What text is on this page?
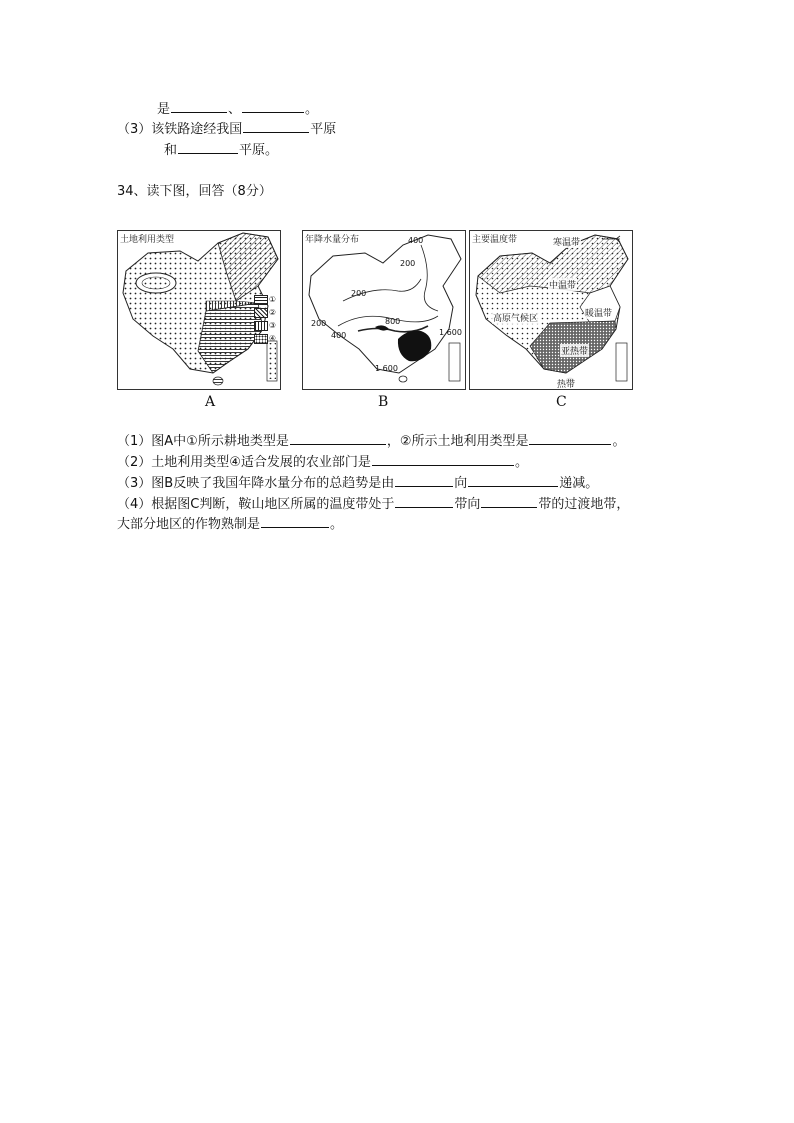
是	、	。
（3）该铁路途经我国	平原
和	平原。
34、读下图，回答（8分）
土地利用类型
①
②
③
④
A
年降水量分布	400
200
200
800
1 600
1 600
200
400
B
主要温度带	寒温带
中温带
暖温带
高原气候区
亚热带
热带
C
（1）图A中①所示耕地类型是	，②所示土地利用类型是	。
（2）土地利用类型④适合发展的农业部门是	。
（3）图B反映了我国年降水量分布的总趋势是由	向	递减。
（4）根据图C判断，鞍山地区所属的温度带处于	带向	带的过渡地带，
大部分地区的作物熟制是	。
